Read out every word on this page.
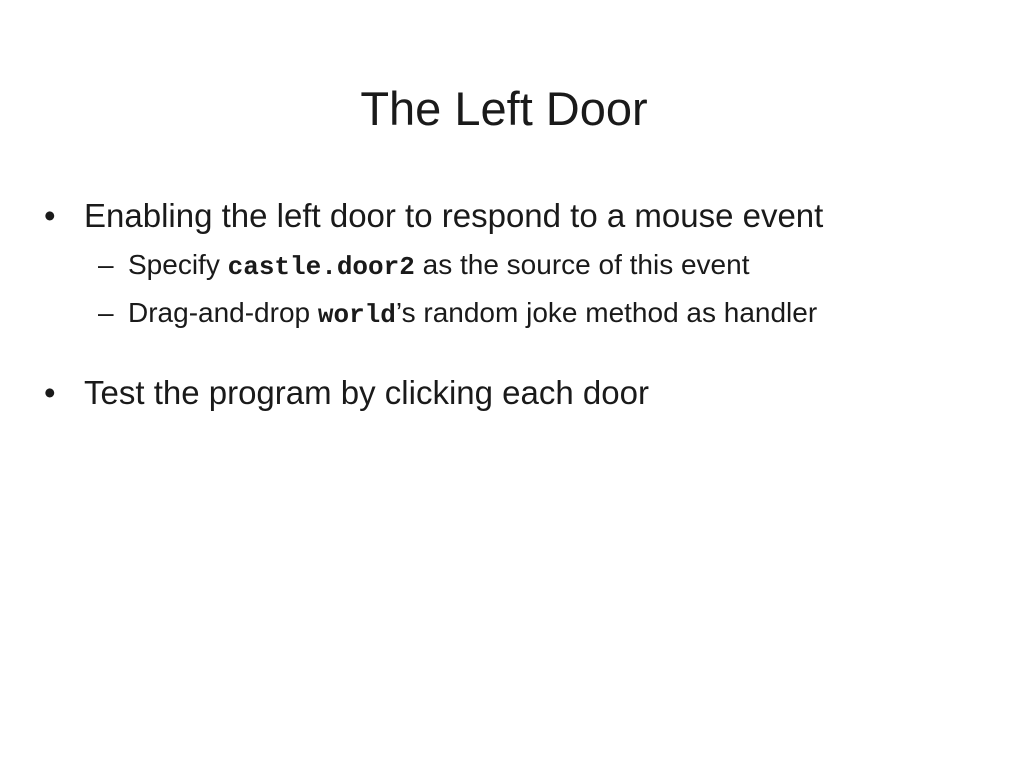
The Left Door
• Enabling the left door to respond to a mouse event
– Specify castle.door2 as the source of this event
– Drag-and-drop world’s random joke method as handler
• Test the program by clicking each door
